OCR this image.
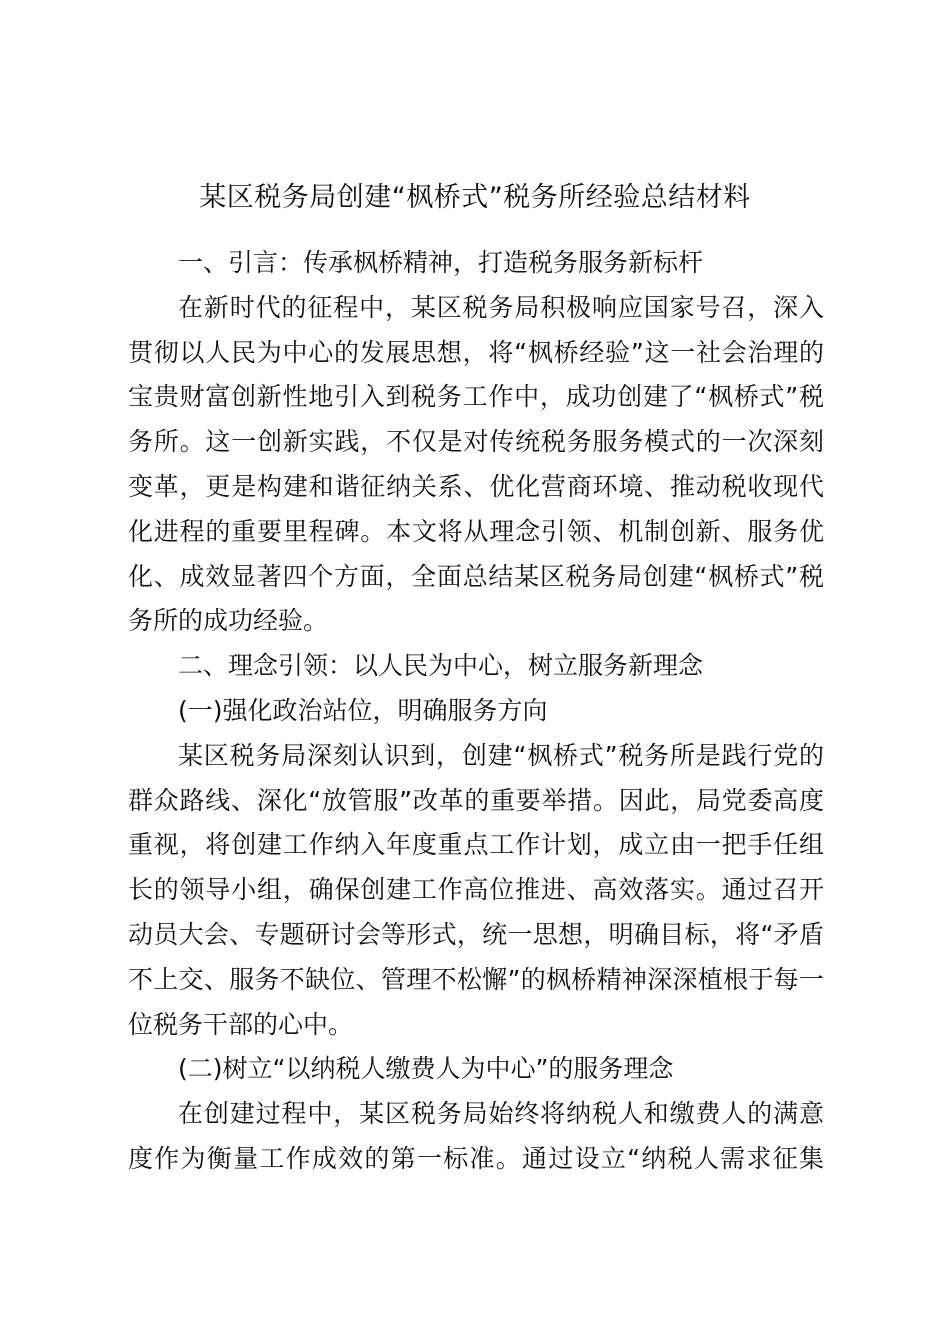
某区税务局创建“枫桥式”税务所经验总结材料

一、引言：传承枫桥精神，打造税务服务新标杆

在新时代的征程中，某区税务局积极响应国家号召，深入

贯彻以人民为中心的发展思想，将“枫桥经验”这一社会治理的

宝贵财富创新性地引入到税务工作中，成功创建了“枫桥式”税

务所。这一创新实践，不仅是对传统税务服务模式的一次深刻

变革，更是构建和谐征纳关系、优化营商环境、推动税收现代

化进程的重要里程碑。本文将从理念引领、机制创新、服务优

化、成效显著四个方面，全面总结某区税务局创建“枫桥式”税

务所的成功经验。

二、理念引领：以人民为中心，树立服务新理念

(一)强化政治站位，明确服务方向

某区税务局深刻认识到，创建“枫桥式”税务所是践行党的

群众路线、深化“放管服”改革的重要举措。因此，局党委高度

重视，将创建工作纳入年度重点工作计划，成立由一把手任组

长的领导小组，确保创建工作高位推进、高效落实。通过召开

动员大会、专题研讨会等形式，统一思想，明确目标，将“矛盾

不上交、服务不缺位、管理不松懈”的枫桥精神深深植根于每一

位税务干部的心中。

(二)树立“以纳税人缴费人为中心”的服务理念

在创建过程中，某区税务局始终将纳税人和缴费人的满意

度作为衡量工作成效的第一标准。通过设立“纳税人需求征集
